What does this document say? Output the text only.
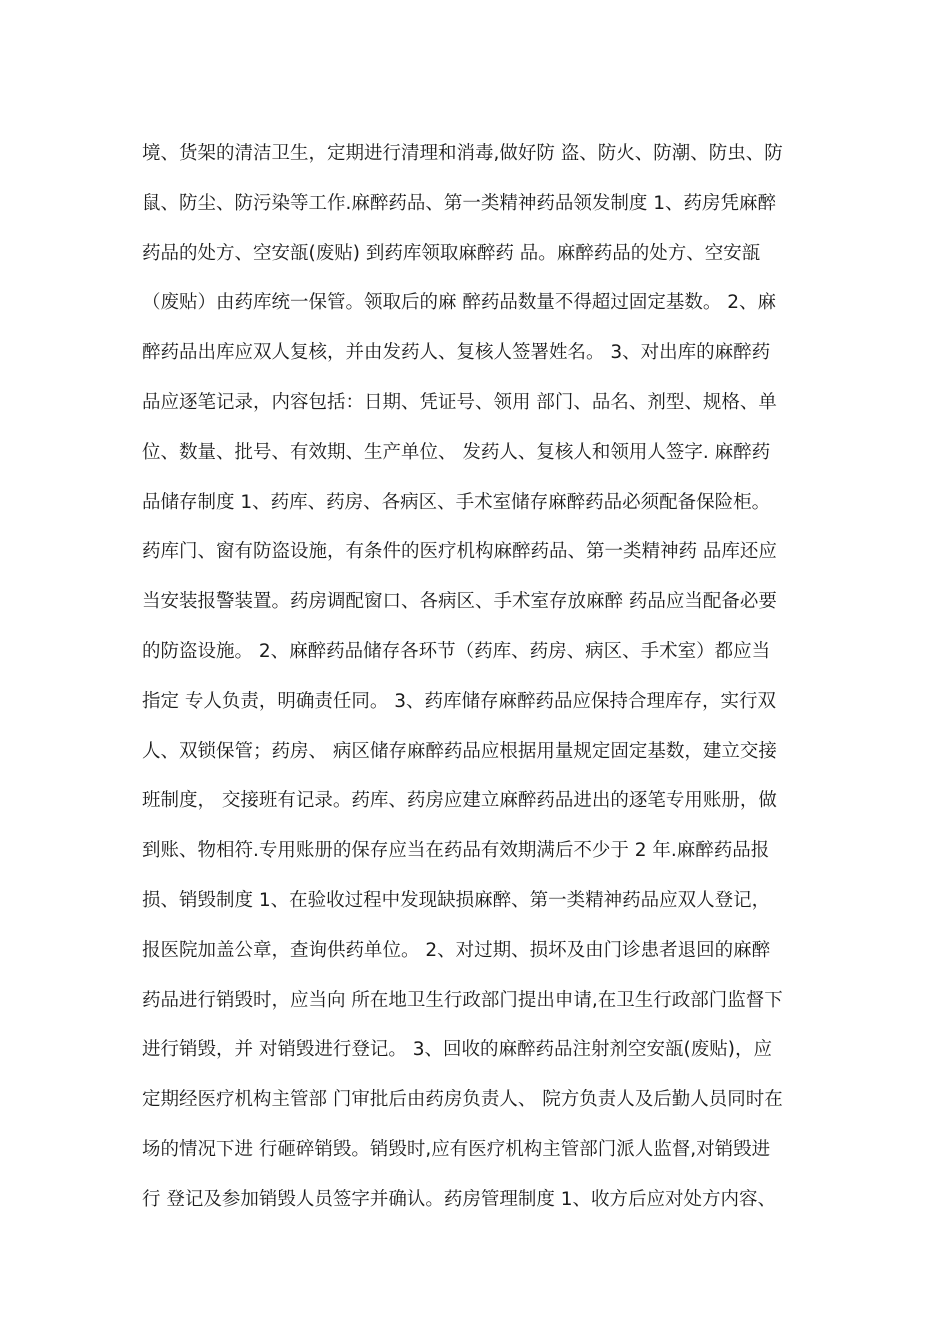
境、货架的清洁卫生，定期进行清理和消毒,做好防 盗、防火、防潮、防虫、防
鼠、防尘、防污染等工作.麻醉药品、第一类精神药品领发制度 1、药房凭麻醉
药品的处方、空安瓿(废贴) 到药库领取麻醉药 品。麻醉药品的处方、空安瓿
（废贴）由药库统一保管。领取后的麻 醉药品数量不得超过固定基数。 2、麻
醉药品出库应双人复核，并由发药人、复核人签署姓名。 3、对出库的麻醉药
品应逐笔记录，内容包括：日期、凭证号、领用 部门、品名、剂型、规格、单
位、数量、批号、有效期、生产单位、 发药人、复核人和领用人签字. 麻醉药
品储存制度 1、药库、药房、各病区、手术室储存麻醉药品必须配备保险柜。
药库门、窗有防盗设施，有条件的医疗机构麻醉药品、第一类精神药 品库还应
当安装报警装置。药房调配窗口、各病区、手术室存放麻醉 药品应当配备必要
的防盗设施。 2、麻醉药品储存各环节（药库、药房、病区、手术室）都应当
指定 专人负责，明确责任同。 3、药库储存麻醉药品应保持合理库存，实行双
人、双锁保管；药房、 病区储存麻醉药品应根据用量规定固定基数，建立交接
班制度， 交接班有记录。药库、药房应建立麻醉药品进出的逐笔专用账册，做
到账、物相符.专用账册的保存应当在药品有效期满后不少于 2 年.麻醉药品报
损、销毁制度 1、在验收过程中发现缺损麻醉、第一类精神药品应双人登记，
报医院加盖公章，查询供药单位。 2、对过期、损坏及由门诊患者退回的麻醉
药品进行销毁时，应当向 所在地卫生行政部门提出申请,在卫生行政部门监督下
进行销毁，并 对销毁进行登记。 3、回收的麻醉药品注射剂空安瓿(废贴)，应
定期经医疗机构主管部 门审批后由药房负责人、 院方负责人及后勤人员同时在
场的情况下进 行砸碎销毁。销毁时,应有医疗机构主管部门派人监督,对销毁进
行 登记及参加销毁人员签字并确认。药房管理制度 1、收方后应对处方内容、
